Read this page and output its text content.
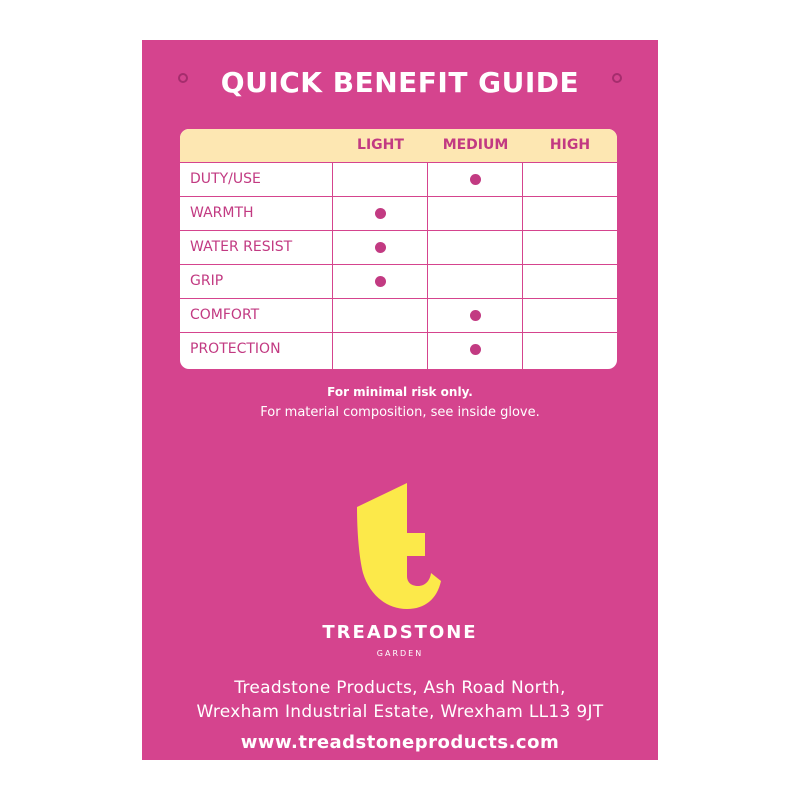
QUICK BENEFIT GUIDE
LIGHT	MEDIUM	HIGH
DUTY/USE
WARMTH
WATER RESIST
GRIP
COMFORT
PROTECTION
For minimal risk only.
For material composition, see inside glove.
TREADSTONE
GARDEN
Treadstone Products, Ash Road North,
Wrexham Industrial Estate, Wrexham LL13 9JT
www.treadstoneproducts.com
